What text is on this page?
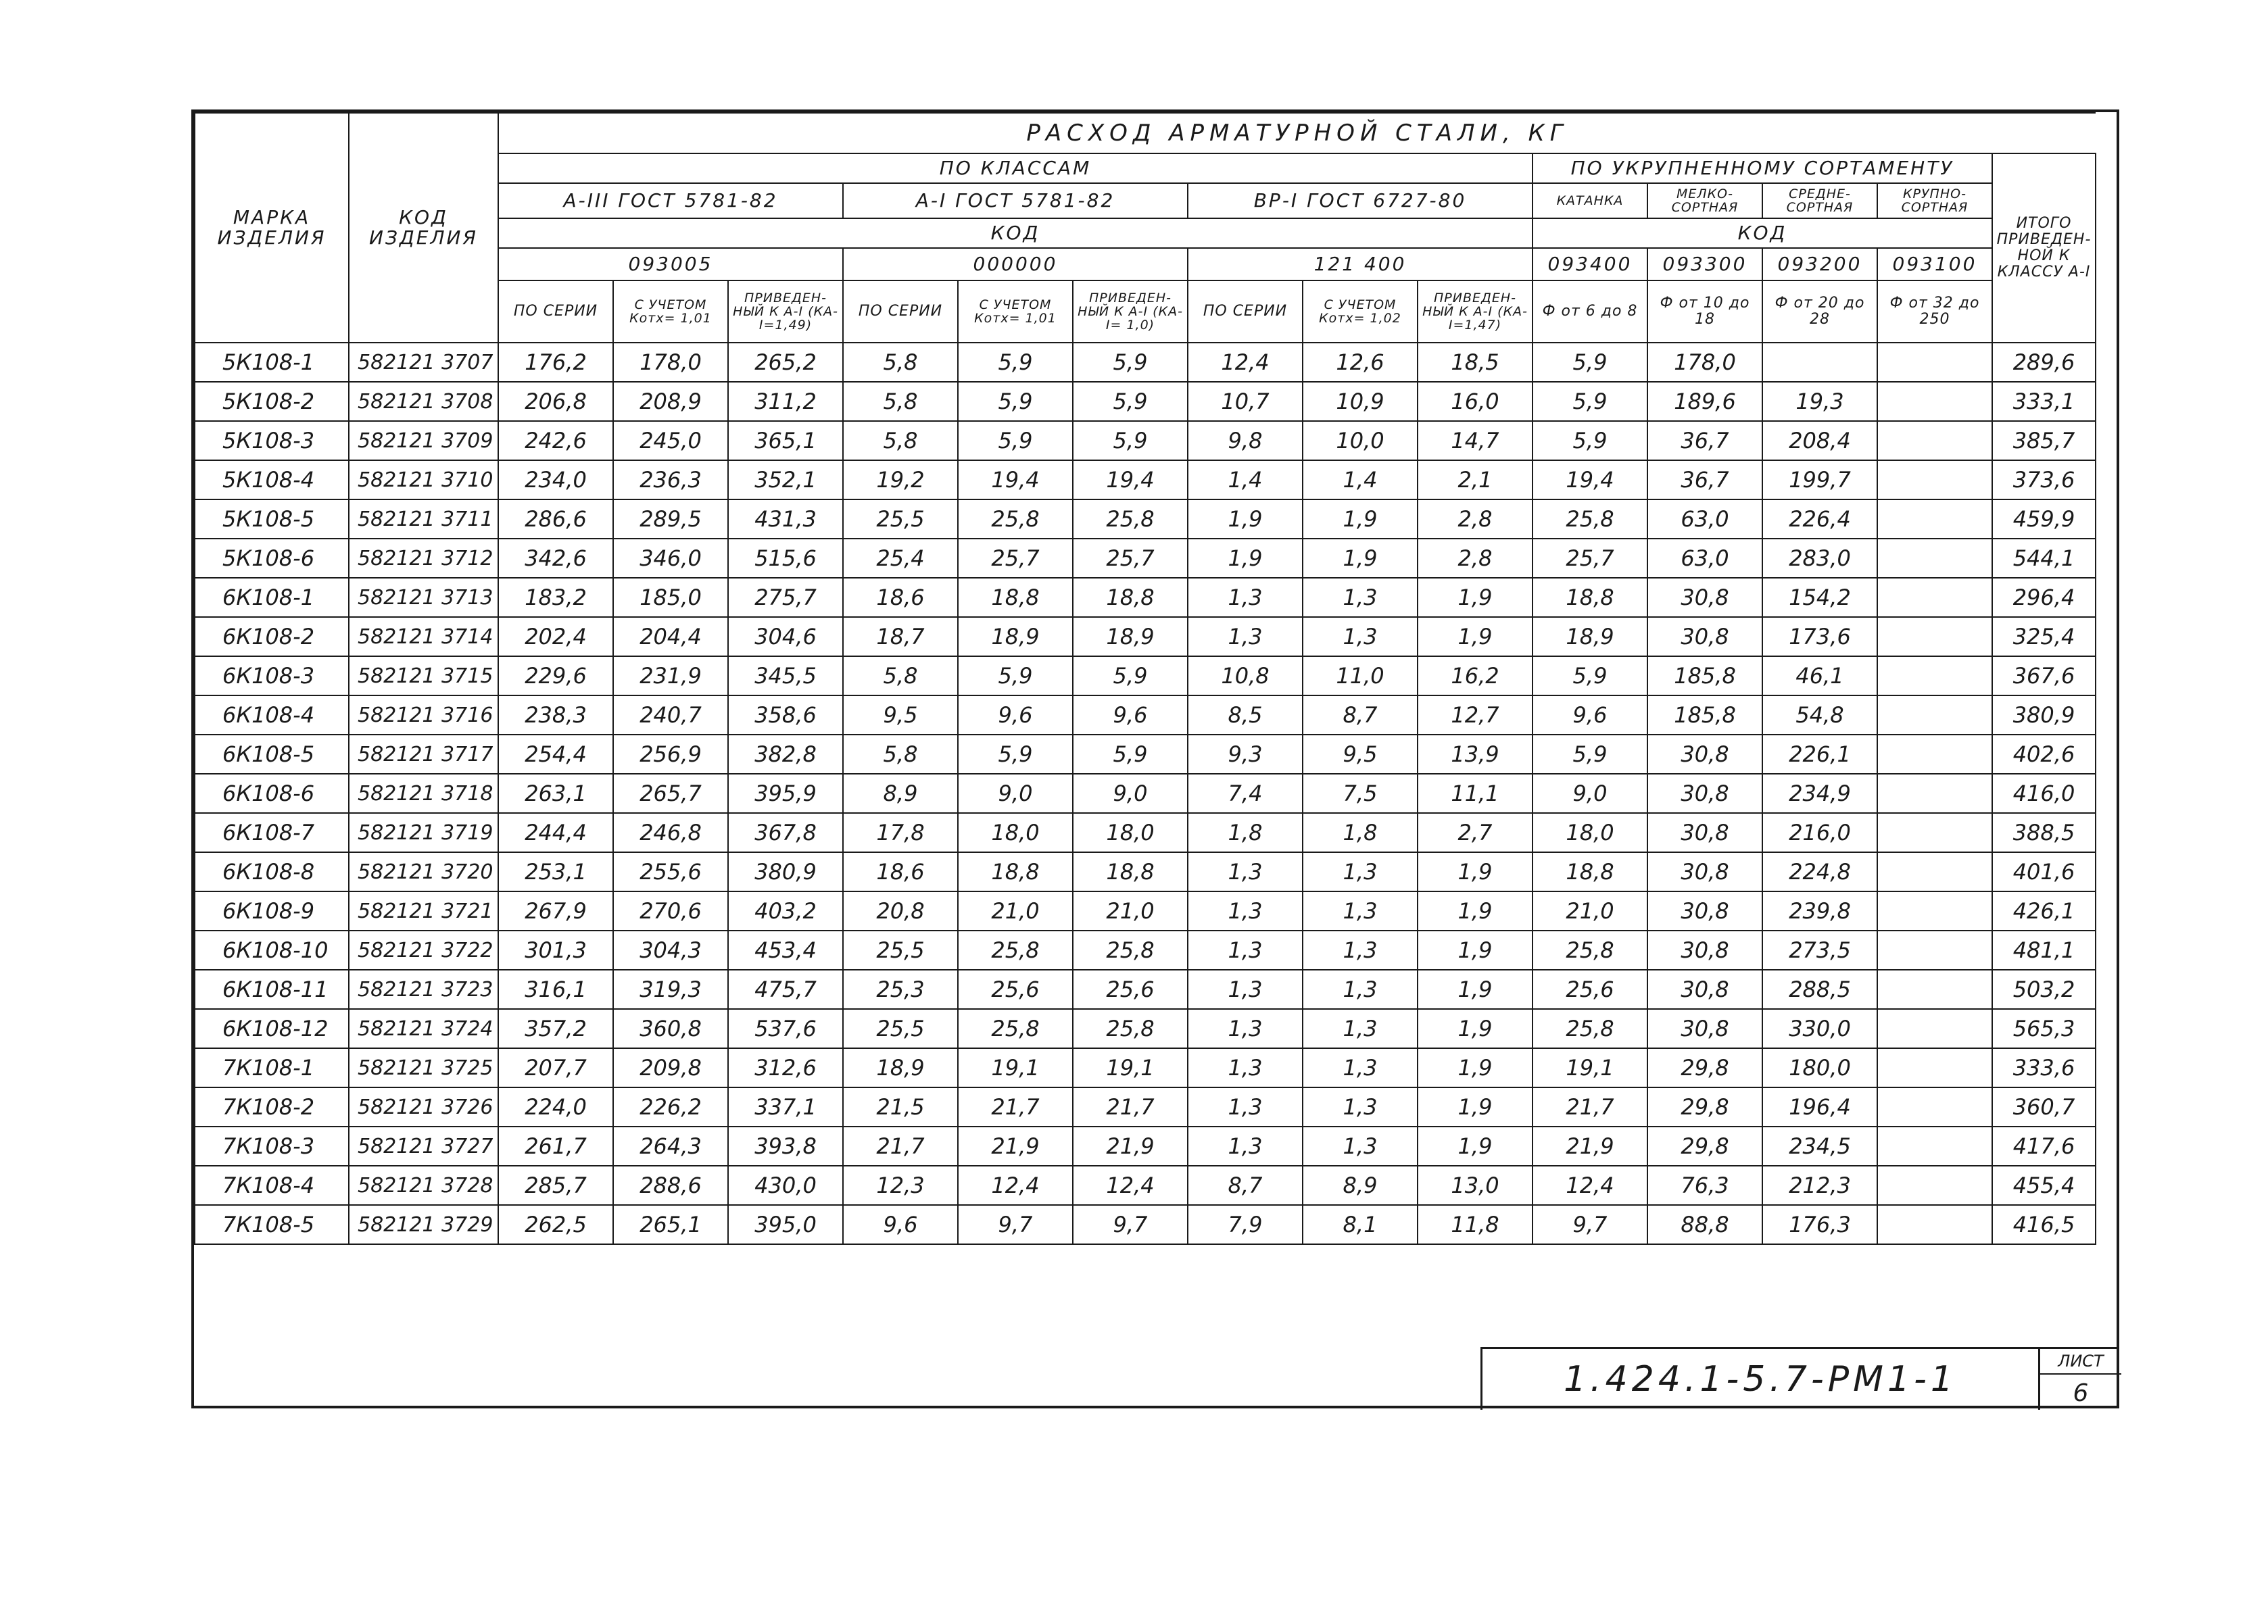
МАРКА ИЗДЕЛИЯ	КОД ИЗДЕЛИЯ	РАСХОД АРМАТУРНОЙ СТАЛИ, КГ													
		ПО КЛАССАМ									ПО УКРУПНЕННОМУ СОРТАМЕНТУ				ИТОГО ПРИВЕДЕН-НОЙ К КЛАССУ А-I
		А-III ГОСТ 5781-82			А-I ГОСТ 5781-82			ВР-I ГОСТ 6727-80			КАТАНКА	МЕЛКО-СОРТНАЯ	СРЕДНЕ-СОРТНАЯ	КРУПНО-СОРТНАЯ	
		КОД									КОД				
		093005			000000			121 400			093400	093300	093200	093100	
		ПО СЕРИИ	С УЧЕТОМ Котх= 1,01	ПРИВЕДЕН-НЫЙ К А-I (КА-I=1,49)	ПО СЕРИИ	С УЧЕТОМ Котх= 1,01	ПРИВЕДЕН-НЫЙ К А-I (КА-I= 1,0)	ПО СЕРИИ	С УЧЕТОМ Котх= 1,02	ПРИВЕДЕН-НЫЙ К А-I (КА-I=1,47)	Ф от 6 до 8	Ф от 10 до 18	Ф от 20 до 28	Ф от 32 до 250	
5К108-1	582121 3707	176,2	178,0	265,2	5,8	5,9	5,9	12,4	12,6	18,5	5,9	178,0			289,6
5К108-2	582121 3708	206,8	208,9	311,2	5,8	5,9	5,9	10,7	10,9	16,0	5,9	189,6	19,3		333,1
5К108-3	582121 3709	242,6	245,0	365,1	5,8	5,9	5,9	9,8	10,0	14,7	5,9	36,7	208,4		385,7
5К108-4	582121 3710	234,0	236,3	352,1	19,2	19,4	19,4	1,4	1,4	2,1	19,4	36,7	199,7		373,6
5К108-5	582121 3711	286,6	289,5	431,3	25,5	25,8	25,8	1,9	1,9	2,8	25,8	63,0	226,4		459,9
5К108-6	582121 3712	342,6	346,0	515,6	25,4	25,7	25,7	1,9	1,9	2,8	25,7	63,0	283,0		544,1
6К108-1	582121 3713	183,2	185,0	275,7	18,6	18,8	18,8	1,3	1,3	1,9	18,8	30,8	154,2		296,4
6К108-2	582121 3714	202,4	204,4	304,6	18,7	18,9	18,9	1,3	1,3	1,9	18,9	30,8	173,6		325,4
6К108-3	582121 3715	229,6	231,9	345,5	5,8	5,9	5,9	10,8	11,0	16,2	5,9	185,8	46,1		367,6
6К108-4	582121 3716	238,3	240,7	358,6	9,5	9,6	9,6	8,5	8,7	12,7	9,6	185,8	54,8		380,9
6К108-5	582121 3717	254,4	256,9	382,8	5,8	5,9	5,9	9,3	9,5	13,9	5,9	30,8	226,1		402,6
6К108-6	582121 3718	263,1	265,7	395,9	8,9	9,0	9,0	7,4	7,5	11,1	9,0	30,8	234,9		416,0
6К108-7	582121 3719	244,4	246,8	367,8	17,8	18,0	18,0	1,8	1,8	2,7	18,0	30,8	216,0		388,5
6К108-8	582121 3720	253,1	255,6	380,9	18,6	18,8	18,8	1,3	1,3	1,9	18,8	30,8	224,8		401,6
6К108-9	582121 3721	267,9	270,6	403,2	20,8	21,0	21,0	1,3	1,3	1,9	21,0	30,8	239,8		426,1
6К108-10	582121 3722	301,3	304,3	453,4	25,5	25,8	25,8	1,3	1,3	1,9	25,8	30,8	273,5		481,1
6К108-11	582121 3723	316,1	319,3	475,7	25,3	25,6	25,6	1,3	1,3	1,9	25,6	30,8	288,5		503,2
6К108-12	582121 3724	357,2	360,8	537,6	25,5	25,8	25,8	1,3	1,3	1,9	25,8	30,8	330,0		565,3
7К108-1	582121 3725	207,7	209,8	312,6	18,9	19,1	19,1	1,3	1,3	1,9	19,1	29,8	180,0		333,6
7К108-2	582121 3726	224,0	226,2	337,1	21,5	21,7	21,7	1,3	1,3	1,9	21,7	29,8	196,4		360,7
7К108-3	582121 3727	261,7	264,3	393,8	21,7	21,9	21,9	1,3	1,3	1,9	21,9	29,8	234,5		417,6
7К108-4	582121 3728	285,7	288,6	430,0	12,3	12,4	12,4	8,7	8,9	13,0	12,4	76,3	212,3		455,4
7К108-5	582121 3729	262,5	265,1	395,0	9,6	9,7	9,7	7,9	8,1	11,8	9,7	88,8	176,3		416,5
1.424.1-5.7-РМ1-1	ЛИСТ
6
